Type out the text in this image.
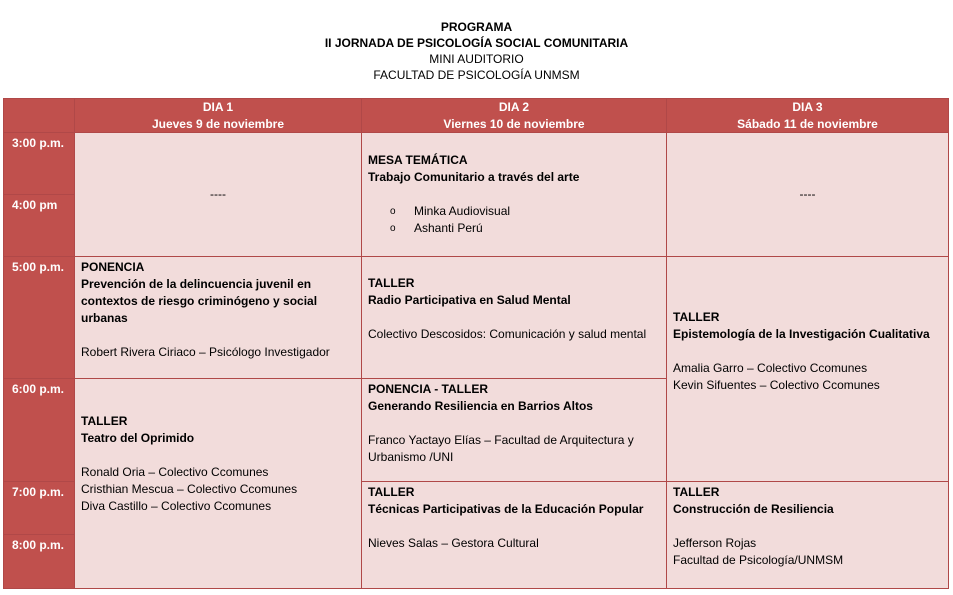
PROGRAMA
II JORNADA DE PSICOLOGÍA SOCIAL COMUNITARIA
MINI AUDITORIO
FACULTAD DE PSICOLOGÍA UNMSM
DIA 1
Jueves 9 de noviembre
DIA 2
Viernes 10 de noviembre
DIA 3
Sábado 11 de noviembre
3:00 p.m.
4:00 pm
5:00 p.m.
6:00 p.m.
7:00 p.m.
8:00 p.m.
----
PONENCIA
Prevención de la delincuencia juvenil en contextos de riesgo criminógeno y social urbanas
Robert Rivera Ciriaco – Psicólogo Investigador
TALLER
Teatro del Oprimido
Ronald Oria – Colectivo Ccomunes
Cristhian Mescua – Colectivo Ccomunes
Diva Castillo – Colectivo Ccomunes
MESA TEMÁTICA
Trabajo Comunitario a través del arte
o	Minka Audiovisual
o	Ashanti Perú
TALLER
Radio Participativa en Salud Mental
Colectivo Descosidos: Comunicación y salud mental
PONENCIA - TALLER
Generando Resiliencia en Barrios Altos
Franco Yactayo Elías – Facultad de Arquitectura y Urbanismo /UNI
TALLER
Técnicas Participativas de la Educación Popular
Nieves Salas – Gestora Cultural
----
TALLER
Epistemología de la Investigación Cualitativa
Amalia Garro – Colectivo Ccomunes
Kevin Sifuentes – Colectivo Ccomunes
TALLER
Construcción de Resiliencia
Jefferson Rojas
Facultad de Psicología/UNMSM
